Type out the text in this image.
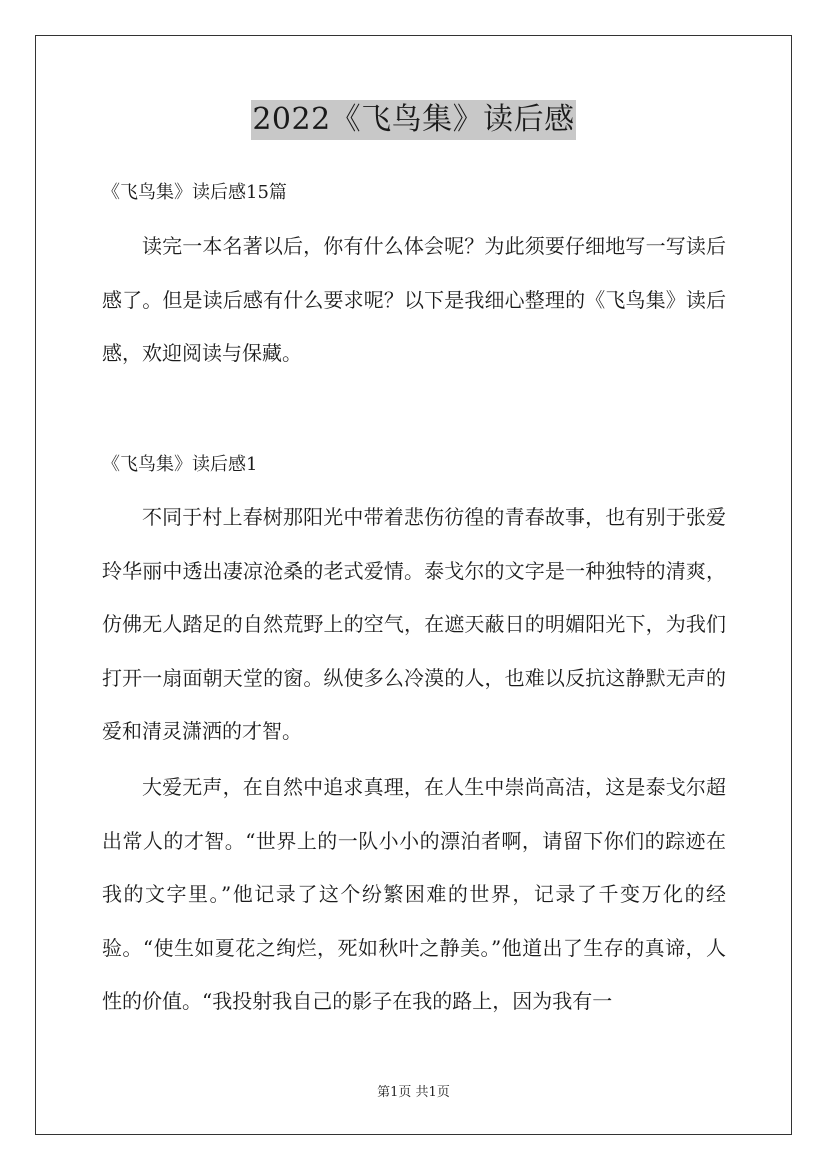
2022《飞鸟集》读后感
《飞鸟集》读后感15篇

读完一本名著以后，你有什么体会呢？为此须要仔细地写一写读后感了。但是读后感有什么要求呢？以下是我细心整理的《飞鸟集》读后感，欢迎阅读与保藏。

《飞鸟集》读后感1

不同于村上春树那阳光中带着悲伤彷徨的青春故事，也有别于张爱玲华丽中透出凄凉沧桑的老式爱情。泰戈尔的文字是一种独特的清爽，仿佛无人踏足的自然荒野上的空气，在遮天蔽日的明媚阳光下，为我们打开一扇面朝天堂的窗。纵使多么冷漠的人，也难以反抗这静默无声的爱和清灵潇洒的才智。

大爱无声，在自然中追求真理，在人生中崇尚高洁，这是泰戈尔超出常人的才智。“世界上的一队小小的漂泊者啊，请留下你们的踪迹在我的文字里。”他记录了这个纷繁困难的世界，记录了千变万化的经验。“使生如夏花之绚烂，死如秋叶之静美。”他道出了生存的真谛，人性的价值。“我投射我自己的影子在我的路上，因为我有一

第1页 共1页
